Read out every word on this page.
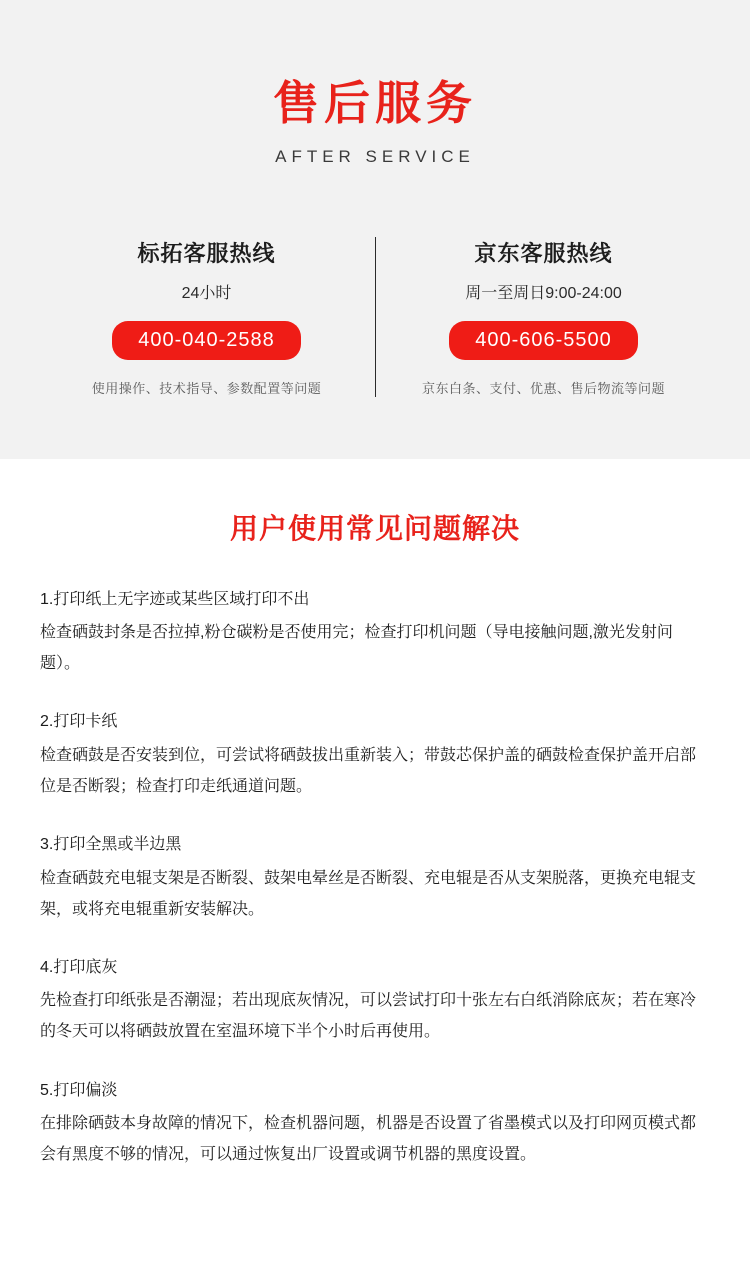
售后服务
AFTER SERVICE
标拓客服热线
24小时
400-040-2588
使用操作、技术指导、参数配置等问题
京东客服热线
周一至周日9:00-24:00
400-606-5500
京东白条、支付、优惠、售后物流等问题
用户使用常见问题解决
1.打印纸上无字迹或某些区域打印不出
检查硒鼓封条是否拉掉,粉仓碳粉是否使用完；检查打印机问题（导电接触问题,激光发射问题）。
2.打印卡纸
检查硒鼓是否安装到位，可尝试将硒鼓拔出重新装入；带鼓芯保护盖的硒鼓检查保护盖开启部位是否断裂；检查打印走纸通道问题。
3.打印全黑或半边黑
检查硒鼓充电辊支架是否断裂、鼓架电晕丝是否断裂、充电辊是否从支架脱落，更换充电辊支架，或将充电辊重新安装解决。
4.打印底灰
先检查打印纸张是否潮湿；若出现底灰情况，可以尝试打印十张左右白纸消除底灰；若在寒冷的冬天可以将硒鼓放置在室温环境下半个小时后再使用。
5.打印偏淡
在排除硒鼓本身故障的情况下，检查机器问题，机器是否设置了省墨模式以及打印网页模式都会有黑度不够的情况，可以通过恢复出厂设置或调节机器的黑度设置。
